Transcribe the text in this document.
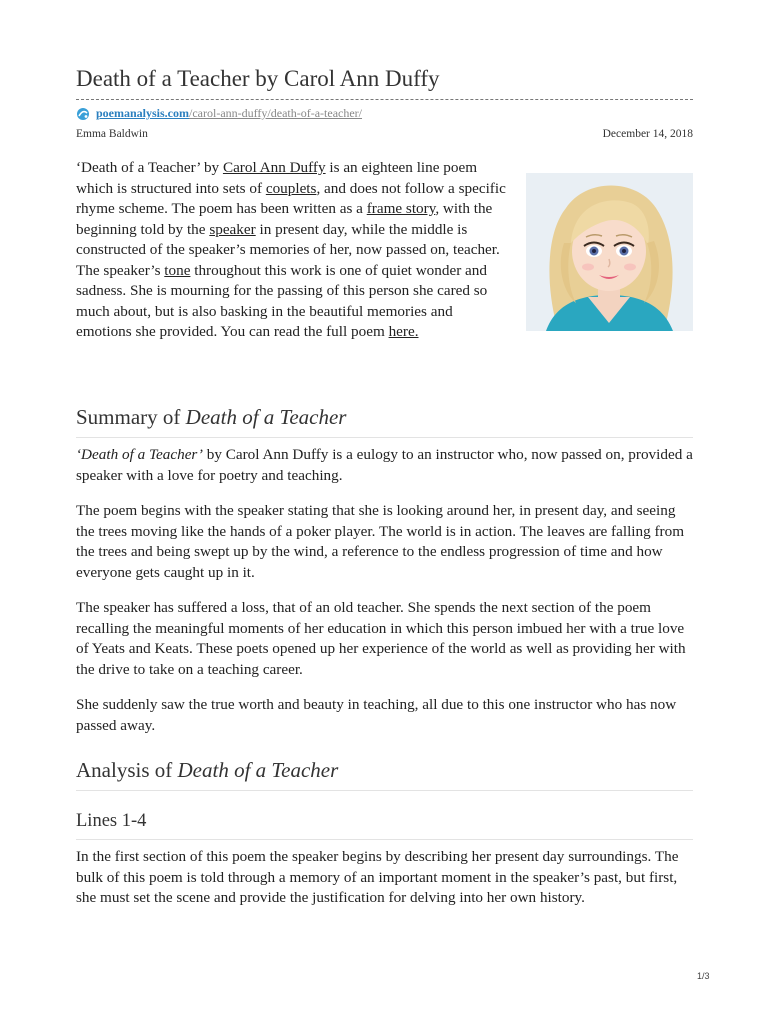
Death of a Teacher by Carol Ann Duffy
poemanalysis.com /carol-ann-duffy/death-of-a-teacher/
Emma Baldwin	December 14, 2018

‘Death of a Teacher’ by Carol Ann Duffy is an eighteen line poem which is structured into sets of couplets, and does not follow a specific rhyme scheme. The poem has been written as a frame story, with the beginning told by the speaker in present day, while the middle is constructed of the speaker’s memories of her, now passed on, teacher. The speaker’s tone throughout this work is one of quiet wonder and sadness. She is mourning for the passing of this person she cared so much about, but is also basking in the beautiful memories and emotions she provided. You can read the full poem here.

Summary of Death of a Teacher

‘Death of a Teacher’ by Carol Ann Duffy is a eulogy to an instructor who, now passed on, provided a speaker with a love for poetry and teaching.

The poem begins with the speaker stating that she is looking around her, in present day, and seeing the trees moving like the hands of a poker player. The world is in action. The leaves are falling from the trees and being swept up by the wind, a reference to the endless progression of time and how everyone gets caught up in it.

The speaker has suffered a loss, that of an old teacher. She spends the next section of the poem recalling the meaningful moments of her education in which this person imbued her with a true love of Yeats and Keats. These poets opened up her experience of the world as well as providing her with the drive to take on a teaching career.

She suddenly saw the true worth and beauty in teaching, all due to this one instructor who has now passed away.

Analysis of Death of a Teacher
Lines 1-4

In the first section of this poem the speaker begins by describing her present day surroundings. The bulk of this poem is told through a memory of an important moment in the speaker’s past, but first, she must set the scene and provide the justification for delving into her own history.

1/3
